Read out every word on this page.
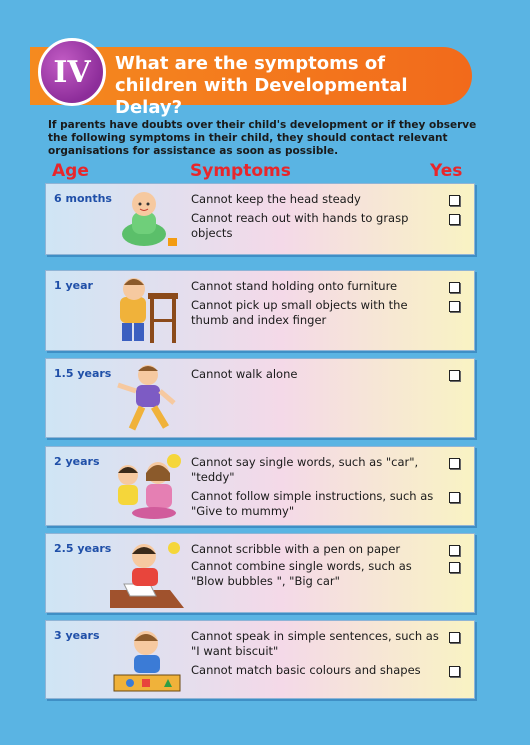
IV	What are the symptoms of children with Developmental Delay?

If parents have doubts over their child's development or if they observe the following symptoms in their child, they should contact relevant organisations for assistance as soon as possible.

Age	Symptoms	Yes
6 months	Cannot keep the head steady
Cannot reach out with hands to grasp objects
1 year	Cannot stand holding onto furniture
Cannot pick up small objects with the thumb and index finger
1.5 years	Cannot walk alone
2 years	Cannot say single words, such as "car", "teddy"
Cannot follow simple instructions, such as "Give to mummy"
2.5 years	Cannot scribble with a pen on paper
Cannot combine single words, such as "Blow bubbles ", "Big car"
3 years	Cannot speak in simple sentences, such as "I want biscuit"
Cannot match basic colours and shapes
